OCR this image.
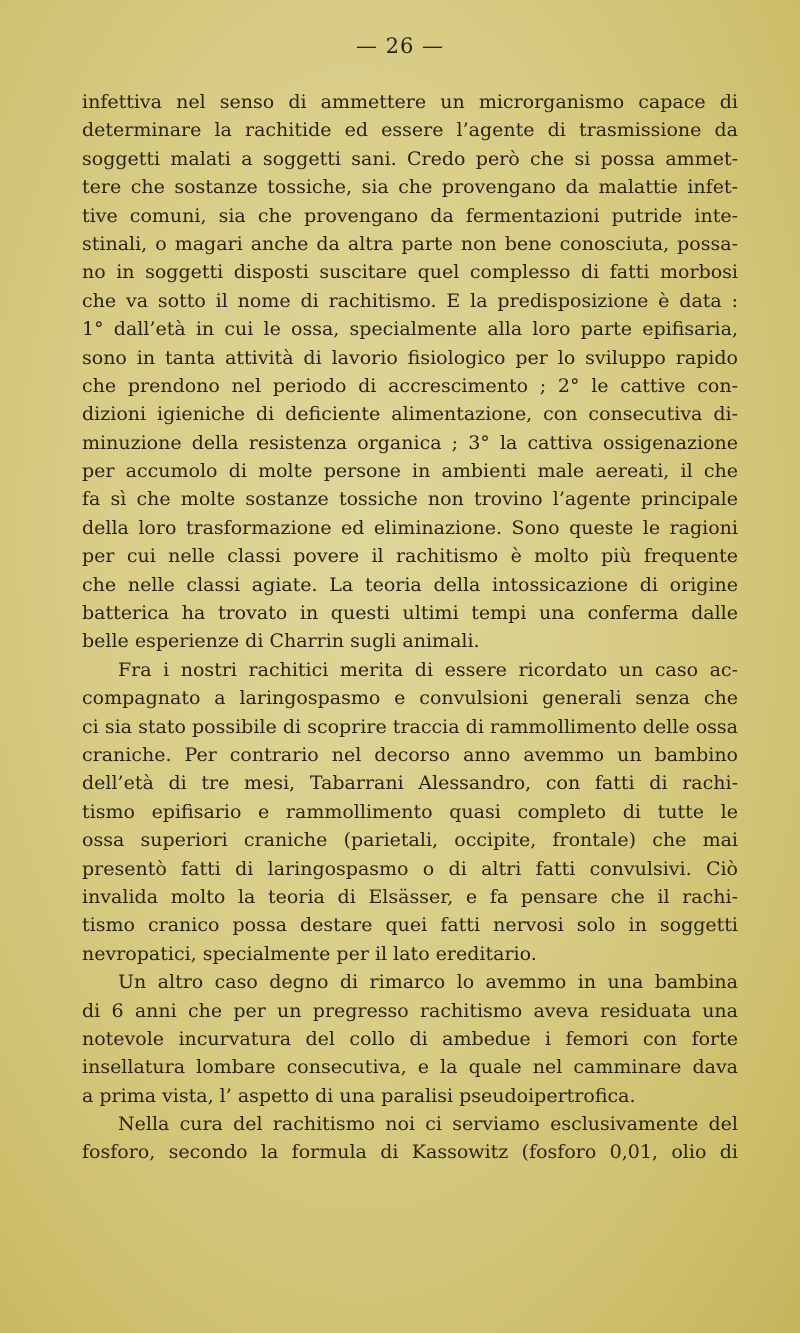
— 26 —
infettiva nel senso di ammettere un microrganismo capace di
determinare la rachitide ed essere l’agente di trasmissione da
soggetti malati a soggetti sani. Credo però che si possa ammet-
tere che sostanze tossiche, sia che provengano da malattie infet-
tive comuni, sia che provengano da fermentazioni putride inte-
stinali, o magari anche da altra parte non bene conosciuta, possa-
no in soggetti disposti suscitare quel complesso di fatti morbosi
che va sotto il nome di rachitismo. E la predisposizione è data :
1° dall’età in cui le ossa, specialmente alla loro parte epifisaria,
sono in tanta attività di lavorio fisiologico per lo sviluppo rapido
che prendono nel periodo di accrescimento ; 2° le cattive con-
dizioni igieniche di deficiente alimentazione, con consecutiva di-
minuzione della resistenza organica ; 3° la cattiva ossigenazione
per accumolo di molte persone in ambienti male aereati, il che
fa sì che molte sostanze tossiche non trovino l’agente principale
della loro trasformazione ed eliminazione. Sono queste le ragioni
per cui nelle classi povere il rachitismo è molto più frequente
che nelle classi agiate. La teoria della intossicazione di origine
batterica ha trovato in questi ultimi tempi una conferma dalle
belle esperienze di Charrin sugli animali.
Fra i nostri rachitici merita di essere ricordato un caso ac-
compagnato a laringospasmo e convulsioni generali senza che
ci sia stato possibile di scoprire traccia di rammollimento delle ossa
craniche. Per contrario nel decorso anno avemmo un bambino
dell’età di tre mesi, Tabarrani Alessandro, con fatti di rachi-
tismo epifisario e rammollimento quasi completo di tutte le
ossa superiori craniche (parietali, occipite, frontale) che mai
presentò fatti di laringospasmo o di altri fatti convulsivi. Ciò
invalida molto la teoria di Elsässer, e fa pensare che il rachi-
tismo cranico possa destare quei fatti nervosi solo in soggetti
nevropatici, specialmente per il lato ereditario.
Un altro caso degno di rimarco lo avemmo in una bambina
di 6 anni che per un pregresso rachitismo aveva residuata una
notevole incurvatura del collo di ambedue i femori con forte
insellatura lombare consecutiva, e la quale nel camminare dava
a prima vista, l’ aspetto di una paralisi pseudoipertrofica.
Nella cura del rachitismo noi ci serviamo esclusivamente del
fosforo, secondo la formula di Kassowitz (fosforo 0,01, olio di
